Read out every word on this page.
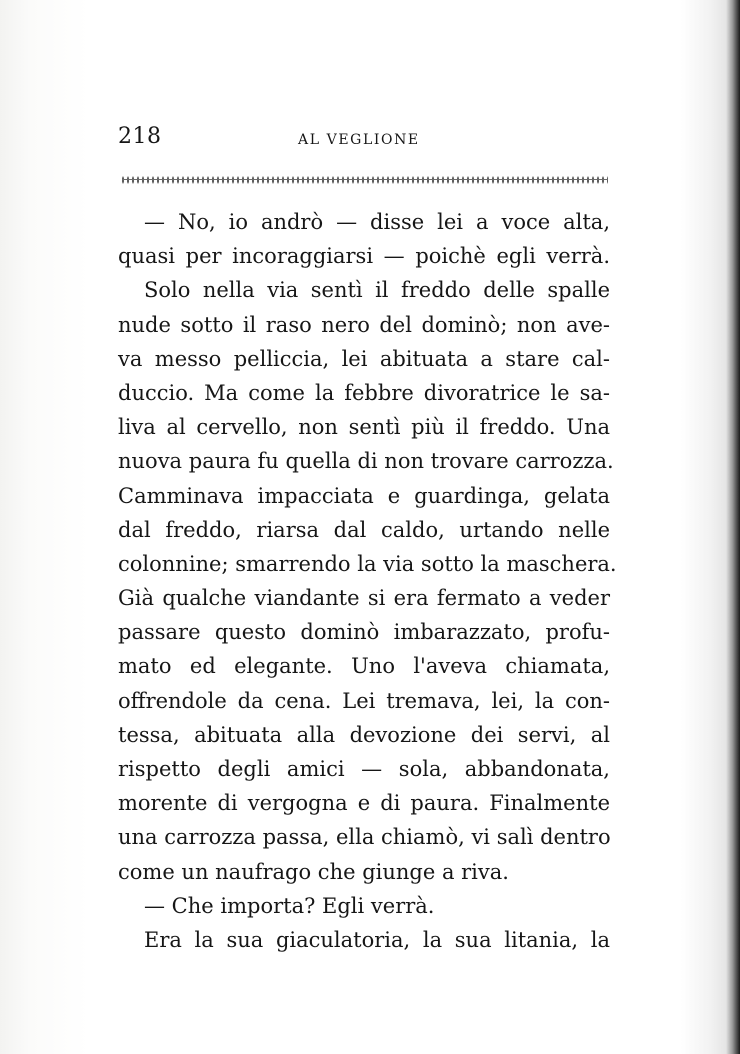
218	AL VEGLIONE
— No, io andrò — disse lei a voce alta,
quasi per incoraggiarsi — poichè egli verrà.
Solo nella via sentì il freddo delle spalle
nude sotto il raso nero del dominò; non ave-
va messo pelliccia, lei abituata a stare cal-
duccio. Ma come la febbre divoratrice le sa-
liva al cervello, non sentì più il freddo. Una
nuova paura fu quella di non trovare carrozza.
Camminava impacciata e guardinga, gelata
dal freddo, riarsa dal caldo, urtando nelle
colonnine; smarrendo la via sotto la maschera.
Già qualche viandante si era fermato a veder
passare questo dominò imbarazzato, profu-
mato ed elegante. Uno l'aveva chiamata,
offrendole da cena. Lei tremava, lei, la con-
tessa, abituata alla devozione dei servi, al
rispetto degli amici — sola, abbandonata,
morente di vergogna e di paura. Finalmente
una carrozza passa, ella chiamò, vi salì dentro
come un naufrago che giunge a riva.
— Che importa? Egli verrà.
Era la sua giaculatoria, la sua litania, la
